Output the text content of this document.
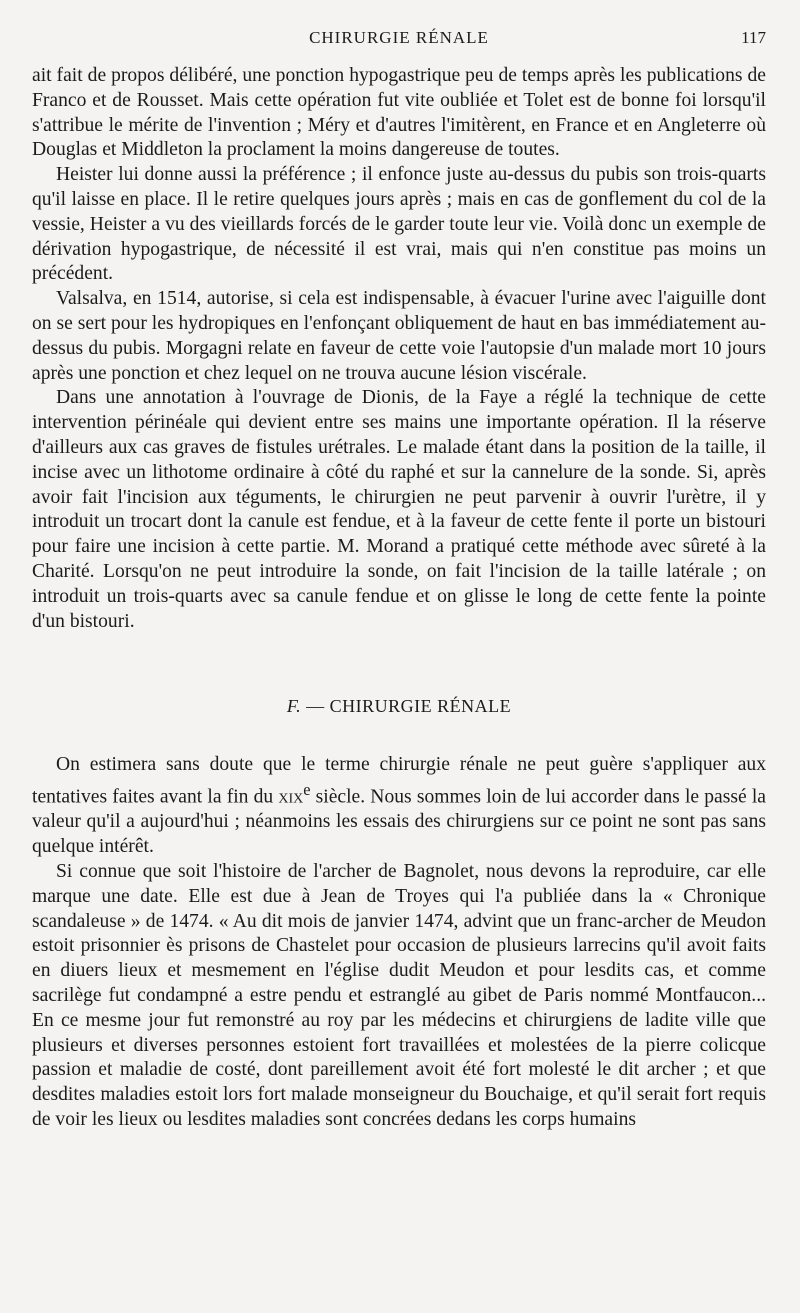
CHIRURGIE RÉNALE	117

ait fait de propos délibéré, une ponction hypogastrique peu de temps après les publications de Franco et de Rousset. Mais cette opération fut vite oubliée et Tolet est de bonne foi lorsqu'il s'attribue le mérite de l'invention ; Méry et d'autres l'imitèrent, en France et en Angleterre où Douglas et Middleton la proclament la moins dangereuse de toutes.

Heister lui donne aussi la préférence ; il enfonce juste au-dessus du pubis son trois-quarts qu'il laisse en place. Il le retire quelques jours après ; mais en cas de gonflement du col de la vessie, Heister a vu des vieillards forcés de le garder toute leur vie. Voilà donc un exemple de dérivation hypogastrique, de nécessité il est vrai, mais qui n'en constitue pas moins un précédent.

Valsalva, en 1514, autorise, si cela est indispensable, à évacuer l'urine avec l'aiguille dont on se sert pour les hydropiques en l'enfonçant obliquement de haut en bas immédiatement au-dessus du pubis. Morgagni relate en faveur de cette voie l'autopsie d'un malade mort 10 jours après une ponction et chez lequel on ne trouva aucune lésion viscérale.

Dans une annotation à l'ouvrage de Dionis, de la Faye a réglé la technique de cette intervention périnéale qui devient entre ses mains une importante opération. Il la réserve d'ailleurs aux cas graves de fistules urétrales. Le malade étant dans la position de la taille, il incise avec un lithotome ordinaire à côté du raphé et sur la cannelure de la sonde. Si, après avoir fait l'incision aux téguments, le chirurgien ne peut parvenir à ouvrir l'urètre, il y introduit un trocart dont la canule est fendue, et à la faveur de cette fente il porte un bistouri pour faire une incision à cette partie. M. Morand a pratiqué cette méthode avec sûreté à la Charité. Lorsqu'on ne peut introduire la sonde, on fait l'incision de la taille latérale ; on introduit un trois-quarts avec sa canule fendue et on glisse le long de cette fente la pointe d'un bistouri.

F. — CHIRURGIE RÉNALE

On estimera sans doute que le terme chirurgie rénale ne peut guère s'appliquer aux tentatives faites avant la fin du xix$^e$ siècle. Nous sommes loin de lui accorder dans le passé la valeur qu'il a aujourd'hui ; néanmoins les essais des chirurgiens sur ce point ne sont pas sans quelque intérêt.

Si connue que soit l'histoire de l'archer de Bagnolet, nous devons la reproduire, car elle marque une date. Elle est due à Jean de Troyes qui l'a publiée dans la « Chronique scandaleuse » de 1474. « Au dit mois de janvier 1474, advint que un franc-archer de Meudon estoit prisonnier ès prisons de Chastelet pour occasion de plusieurs larrecins qu'il avoit faits en diuers lieux et mesmement en l'église dudit Meudon et pour lesdits cas, et comme sacrilège fut condampné a estre pendu et estranglé au gibet de Paris nommé Montfaucon... En ce mesme jour fut remonstré au roy par les médecins et chirurgiens de ladite ville que plusieurs et diverses personnes estoient fort travaillées et molestées de la pierre colicque passion et maladie de costé, dont pareillement avoit été fort molesté le dit archer ; et que desdites maladies estoit lors fort malade monseigneur du Bouchaige, et qu'il serait fort requis de voir les lieux ou lesdites maladies sont concrées dedans les corps humains
